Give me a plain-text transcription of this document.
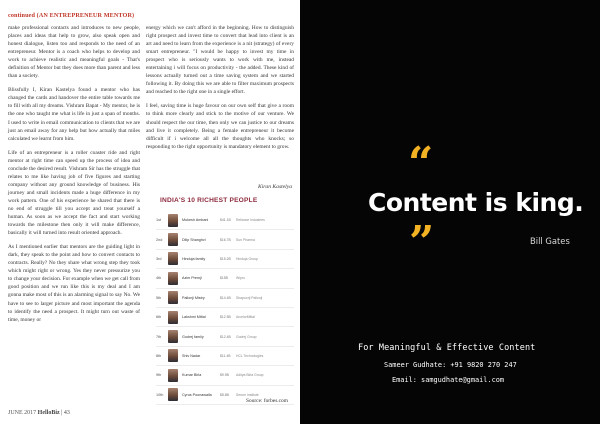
continued (AN ENTREPRENEUR MENTOR)

make professional contacts and introduces to new people, places and ideas that help to grow, also speak open and honest dialogue, listen too and responds to the need of an entrepreneur. Mentor is a coach who helps to develop and work to achieve realistic and meaningful goals - That's definition of Mentor but they does more than parent and less than a society.

Blissfully I, Kiran Kastelya found a mentor who has changed the cards and handover the entire table towards me to fill with all my dreams. Vishram Bapat - My mentor, he is the one who taught me what is life in just a span of months. I used to write in email communication to clients that we are just an email away for any help but how actually that miles calculated we learnt from him.

Life of an entrepreneur is a roller coaster ride and right mentor at right time can speed up the process of idea and conclude the desired result. Vishram Sir has the struggle that relates to me like having job of five figures and starting company without any ground knowledge of business. His journey and small incidents made a huge difference in my work pattern. One of his experience he shared that there is no end of struggle till you accept and treat yourself a human. As soon as we accept the fact and start working towards the milestone then only it will make difference, basically it will turned into result oriented approach.

As I mentioned earlier that mentors are the guiding light in dark, they speak to the point and how to convert contacts to contracts. Really? No they share what wrong step they took which might right or wrong. Yes they never pressurize you to change your decision. For example when we get call from good position and we run like this is my deal and I am gonna make most of this is an alarming signal to say No. We have to see to larger picture and most important the agenda to identify the need a prospect. It might turn out waste of time, money or

energy which we can't afford in the beginning. How to distinguish right prospect and invest time to convert that lead into client is an art and need to learn from the experience is a nit (strategy) of every smart entrepreneur. "I would be happy to invest my time in prospect who is seriously wants to work with me, instead entertaining i will focus on productivity - the added. These kind of lessons actually turned out a time saving system and we started following it. By doing this we are able to filter maximum prospects and reached to the right one in a single effort.

I feel, saving time is huge favour on our own self that give a room to think more clearly and stick to the motive of our venture. We should respect the our time, then only we can justice to our dreams and live it completely. Being a female entrepreneur it become difficult if i welcome all all the thoughts who knocks; so responding to the right opportunity is mandatory element to grow.

Kiran Kastelya
INDIA'S 10 RICHEST PEOPLE
1st	Mukesh Ambani	$41.1B	Reliance Industries
2nd	Dilip Shanghvi	$16.7B	Sun Pharma
3rd	Hinduja family	$15.2B	Hinduja Group
4th	Azim Premji	$15B	Wipro
5th	Pallonji Mistry	$14.4B	Shapoorji Pallonji
6th	Lakshmi Mittal	$12.5B	ArcelorMittal
7th	Godrej family	$12.4B	Godrej Group
8th	Shiv Nadar	$11.4B	HCL Technologies
9th	Kumar Birla	$9.9B	Aditya Birla Group
10th	Cyrus Poonawalla	$8.8B	Serum Institute
Source: forbes.com
JUNE 2017 HelloBiz | 43
“
Content is king.
Bill Gates
”
For Meaningful & Effective Content
Sameer Gudhate: +91 9820 270 247
Email: samgudhate@gmail.com
